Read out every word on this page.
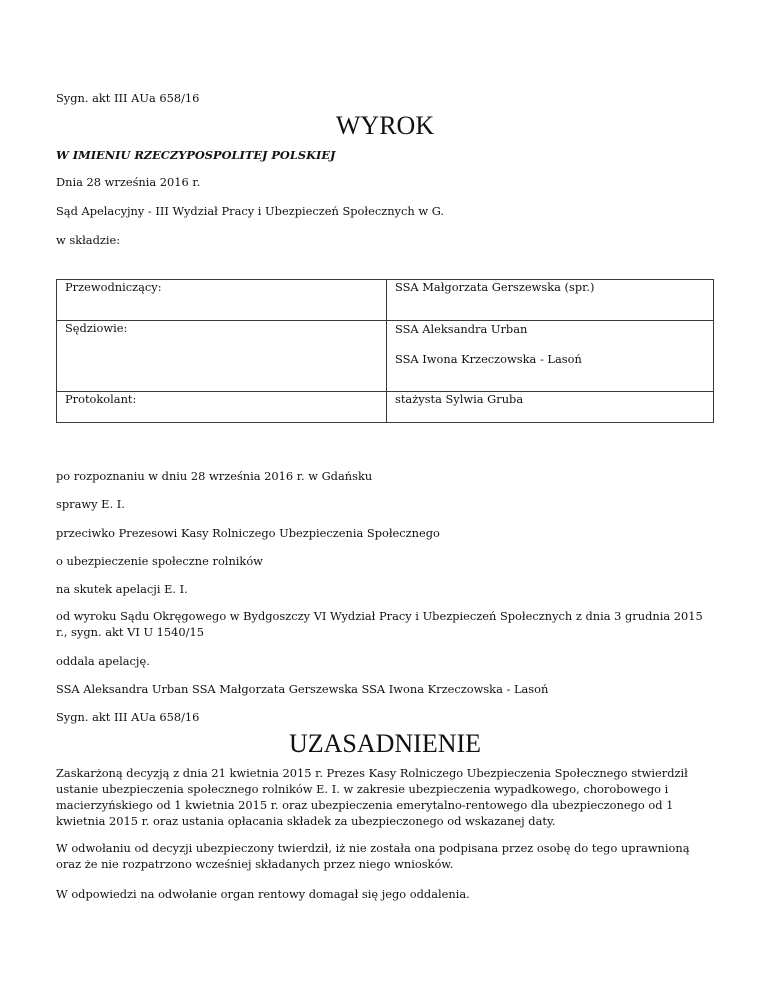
Sygn. akt III AUa 658/16
WYROK
W IMIENIU RZECZYPOSPOLITEJ POLSKIEJ
Dnia 28 września 2016 r.
Sąd Apelacyjny - III Wydział Pracy i Ubezpieczeń Społecznych w G.
w składzie:
Przewodniczący:	SSA Małgorzata Gerszewska (spr.)
Sędziowie:	SSA Aleksandra Urban
SSA Iwona Krzeczowska - Lasoń

Protokolant:	stażysta Sylwia Gruba
po rozpoznaniu w dniu 28 września 2016 r. w Gdańsku
sprawy E. I.
przeciwko Prezesowi Kasy Rolniczego Ubezpieczenia Społecznego
o ubezpieczenie społeczne rolników
na skutek apelacji E. I.
od wyroku Sądu Okręgowego w Bydgoszczy VI Wydział Pracy i Ubezpieczeń Społecznych z dnia 3 grudnia 2015 r., sygn. akt VI U 1540/15
oddala apelację.
SSA Aleksandra Urban SSA Małgorzata Gerszewska SSA Iwona Krzeczowska - Lasoń
Sygn. akt III AUa 658/16
UZASADNIENIE
Zaskarżoną decyzją z dnia 21 kwietnia 2015 r. Prezes Kasy Rolniczego Ubezpieczenia Społecznego stwierdził ustanie ubezpieczenia społecznego rolników E. I. w zakresie ubezpieczenia wypadkowego, chorobowego i macierzyńskiego od 1 kwietnia 2015 r. oraz ubezpieczenia emerytalno-rentowego dla ubezpieczonego od 1 kwietnia 2015 r. oraz ustania opłacania składek za ubezpieczonego od wskazanej daty.
W odwołaniu od decyzji ubezpieczony twierdził, iż nie została ona podpisana przez osobę do tego uprawnioną oraz że nie rozpatrzono wcześniej składanych przez niego wniosków.
W odpowiedzi na odwołanie organ rentowy domagał się jego oddalenia.
